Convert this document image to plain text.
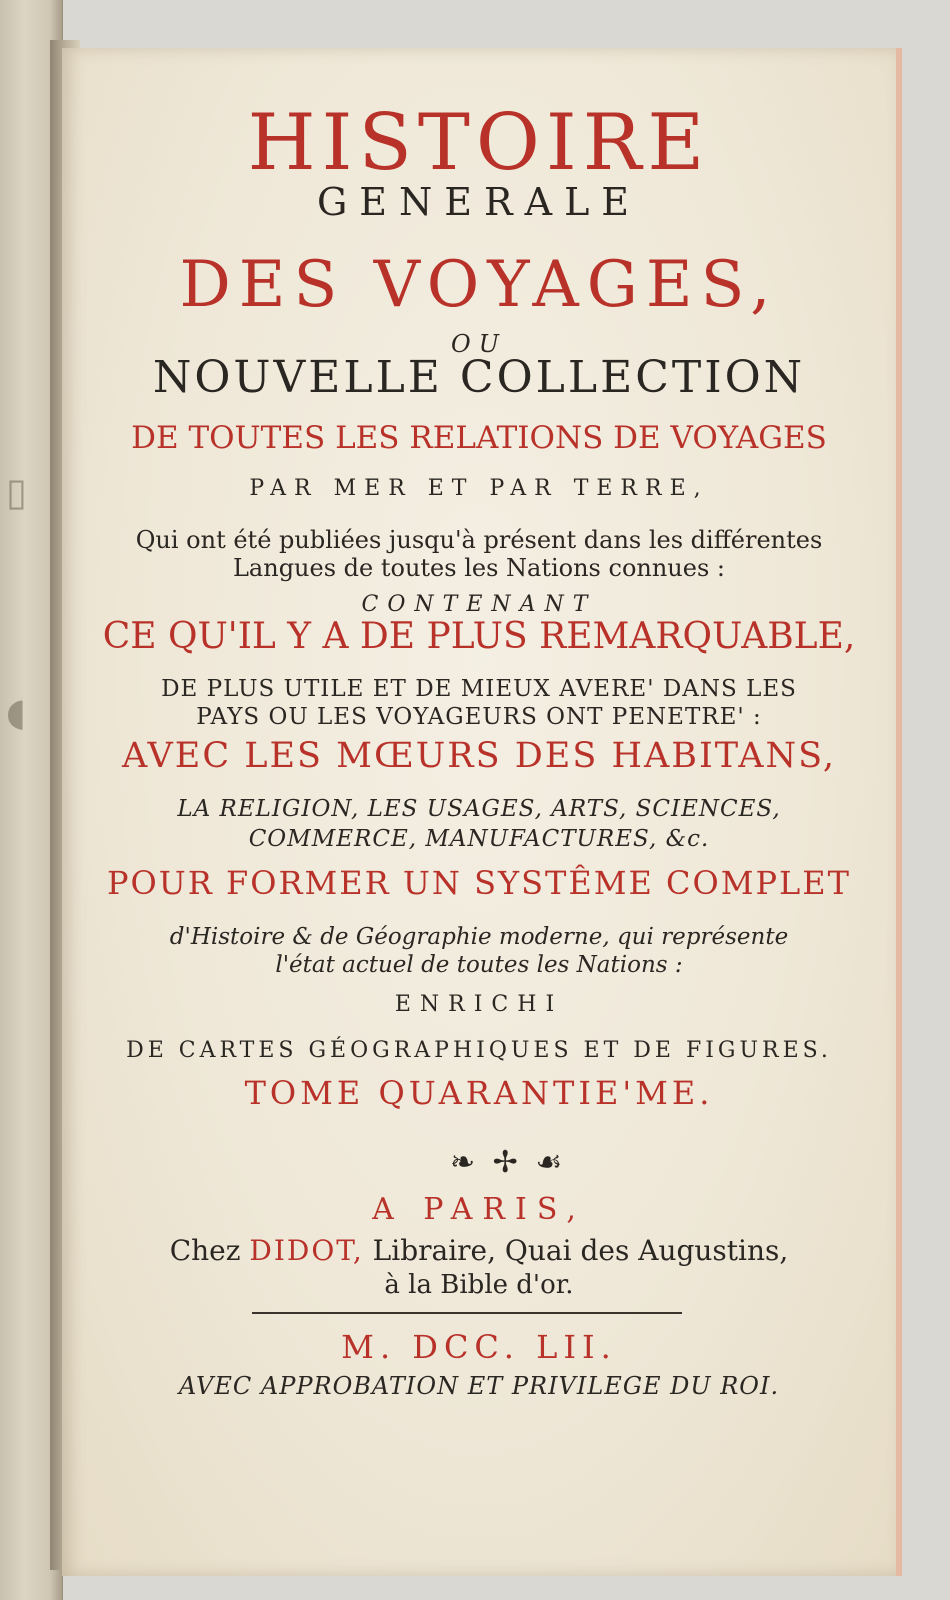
▯
◖
HISTOIRE
GENERALE
DES VOYAGES,
OU
NOUVELLE COLLECTION
DE TOUTES LES RELATIONS DE VOYAGES
PAR MER ET PAR TERRE,
Qui ont été publiées jusqu'à présent dans les différentes
Langues de toutes les Nations connues :
CONTENANT
CE QU'IL Y A DE PLUS REMARQUABLE,
DE PLUS UTILE ET DE MIEUX AVERE' DANS LES
PAYS OU LES VOYAGEURS ONT PENETRE' :
AVEC LES MŒURS DES HABITANS,
LA RELIGION, LES USAGES, ARTS, SCIENCES,
COMMERCE, MANUFACTURES, &c.
POUR FORMER UN SYSTÊME COMPLET
d'Histoire & de Géographie moderne, qui représente
l'état actuel de toutes les Nations :
ENRICHI
DE CARTES GÉOGRAPHIQUES ET DE FIGURES.
TOME QUARANTIE'ME.
❧ ✢ ☙
A PARIS,
Chez DIDOT, Libraire, Quai des Augustins,
à la Bible d'or.
M. DCC. LII.
AVEC APPROBATION ET PRIVILEGE DU ROI.
